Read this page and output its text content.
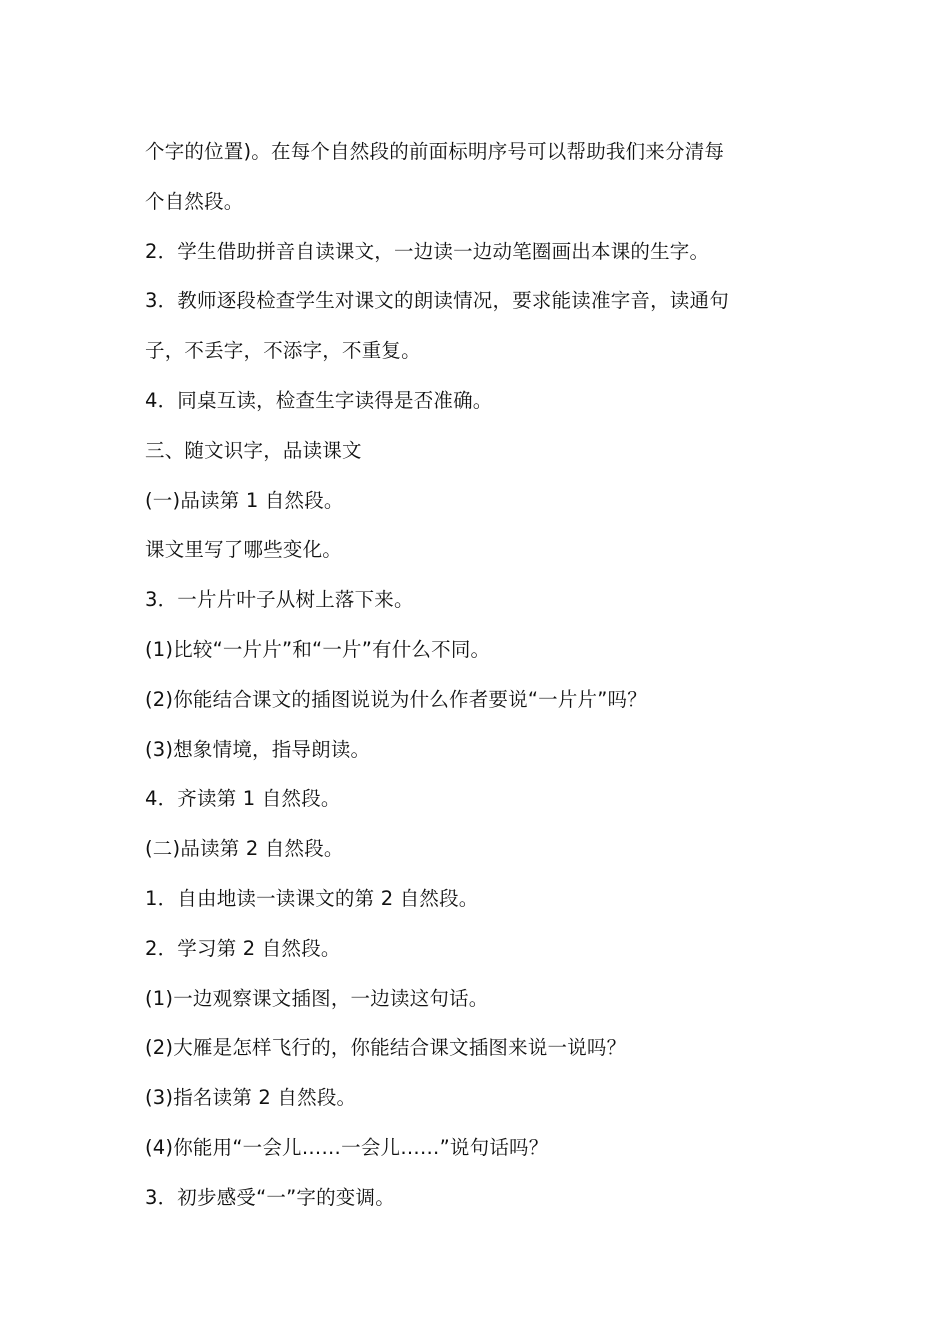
个字的位置)。在每个自然段的前面标明序号可以帮助我们来分清每
个自然段。
2．学生借助拼音自读课文，一边读一边动笔圈画出本课的生字。
3．教师逐段检查学生对课文的朗读情况，要求能读准字音，读通句
子，不丢字，不添字，不重复。
4．同桌互读，检查生字读得是否准确。
三、随文识字，品读课文
(一)品读第 1 自然段。
课文里写了哪些变化。
3．一片片叶子从树上落下来。
(1)比较“一片片”和“一片”有什么不同。
(2)你能结合课文的插图说说为什么作者要说“一片片”吗？
(3)想象情境，指导朗读。
4．齐读第 1 自然段。
(二)品读第 2 自然段。
1．自由地读一读课文的第 2 自然段。
2．学习第 2 自然段。
(1)一边观察课文插图，一边读这句话。
(2)大雁是怎样飞行的，你能结合课文插图来说一说吗？
(3)指名读第 2 自然段。
(4)你能用“一会儿……一会儿……”说句话吗？
3．初步感受“一”字的变调。
